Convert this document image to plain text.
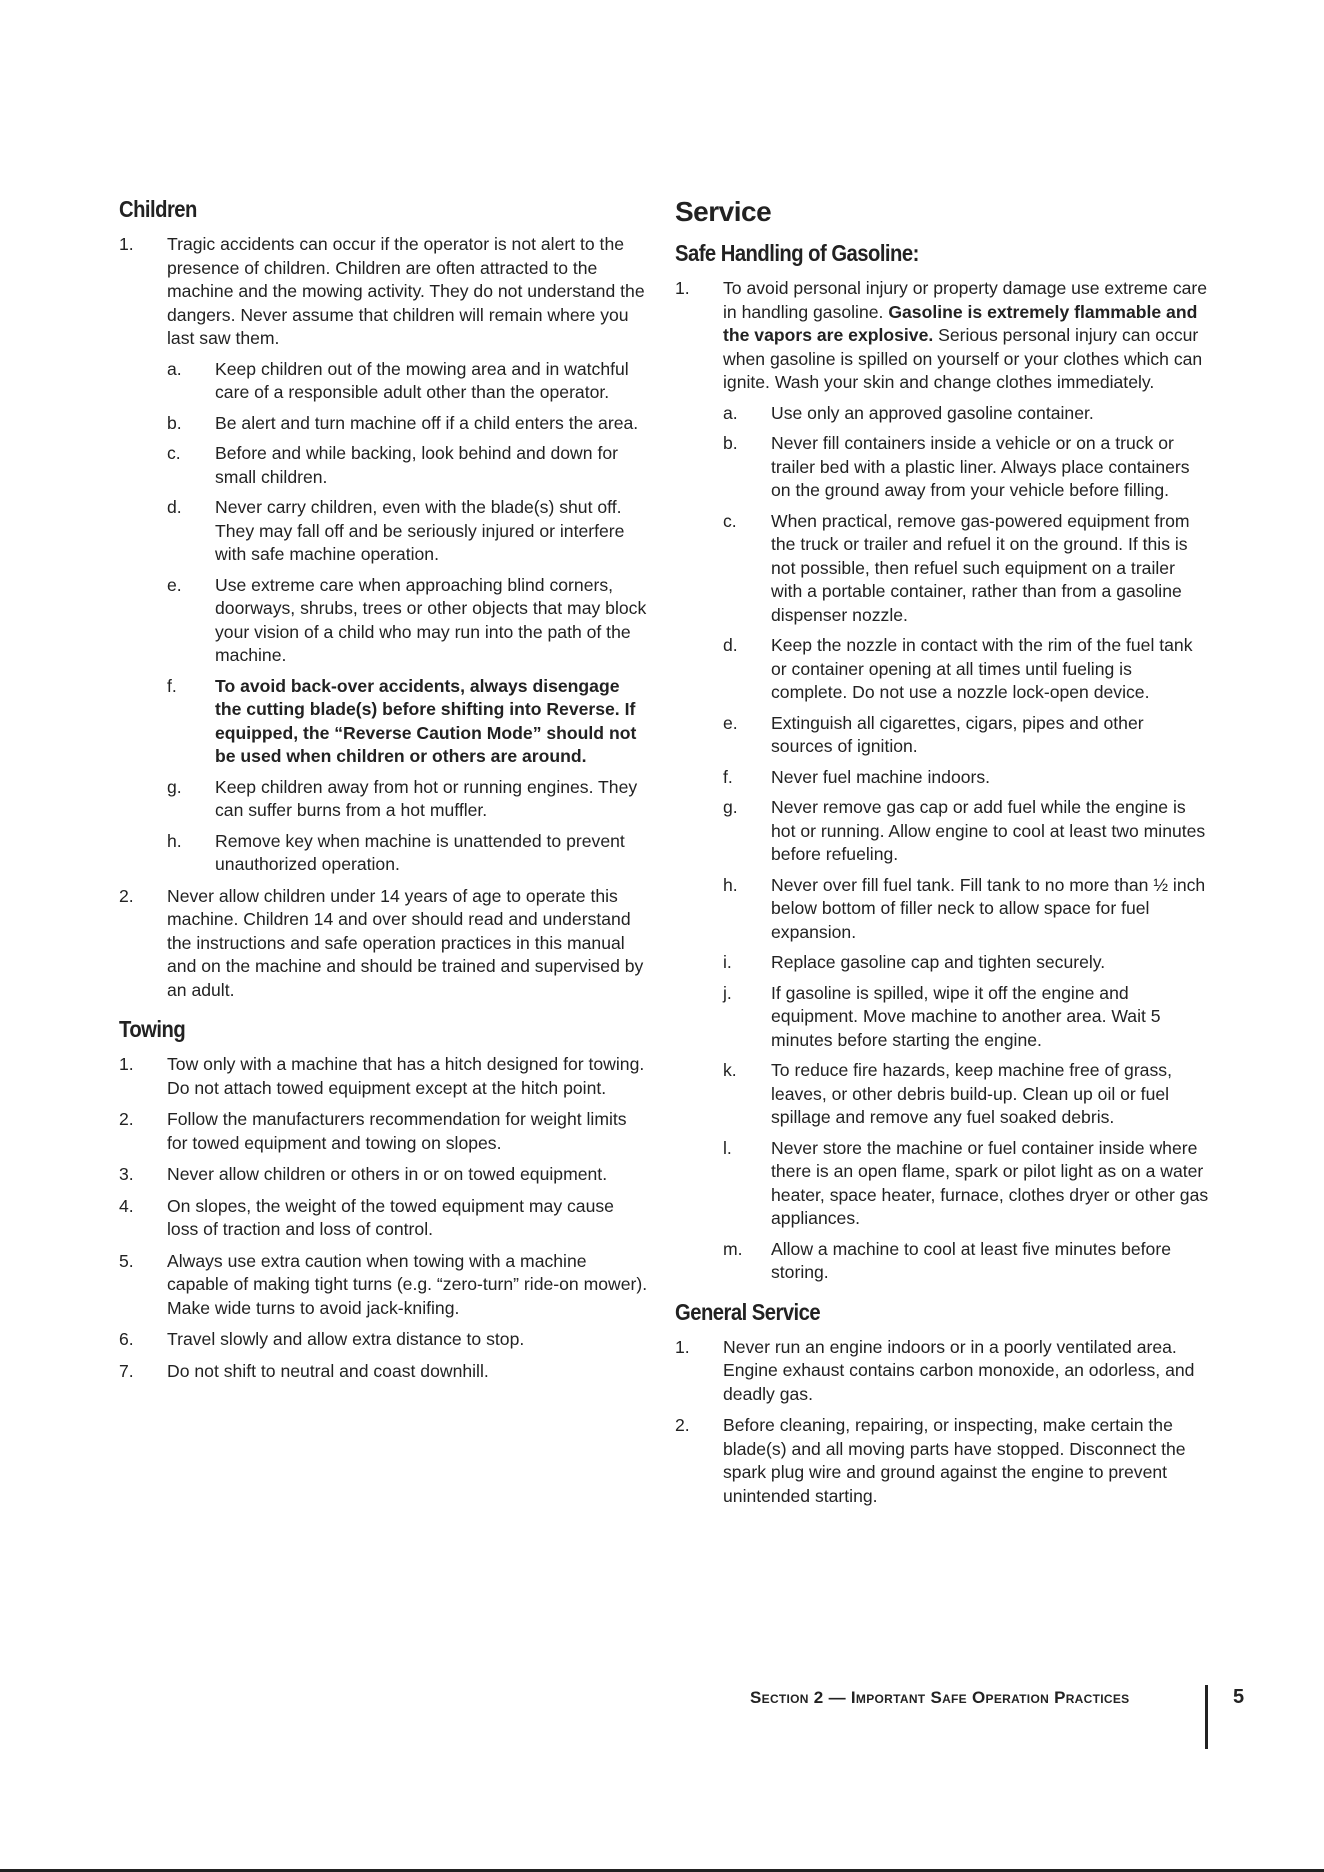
Children
1. Tragic accidents can occur if the operator is not alert to the presence of children. Children are often attracted to the machine and the mowing activity. They do not understand the dangers. Never assume that children will remain where you last saw them.
a. Keep children out of the mowing area and in watchful care of a responsible adult other than the operator.
b. Be alert and turn machine off if a child enters the area.
c. Before and while backing, look behind and down for small children.
d. Never carry children, even with the blade(s) shut off. They may fall off and be seriously injured or interfere with safe machine operation.
e. Use extreme care when approaching blind corners, doorways, shrubs, trees or other objects that may block your vision of a child who may run into the path of the machine.
f. To avoid back-over accidents, always disengage the cutting blade(s) before shifting into Reverse. If equipped, the “Reverse Caution Mode” should not be used when children or others are around.
g. Keep children away from hot or running engines. They can suffer burns from a hot muffler.
h. Remove key when machine is unattended to prevent unauthorized operation.
2. Never allow children under 14 years of age to operate this machine. Children 14 and over should read and understand the instructions and safe operation practices in this manual and on the machine and should be trained and supervised by an adult.
Towing
1. Tow only with a machine that has a hitch designed for towing. Do not attach towed equipment except at the hitch point.
2. Follow the manufacturers recommendation for weight limits for towed equipment and towing on slopes.
3. Never allow children or others in or on towed equipment.
4. On slopes, the weight of the towed equipment may cause loss of traction and loss of control.
5. Always use extra caution when towing with a machine capable of making tight turns (e.g. “zero-turn” ride-on mower). Make wide turns to avoid jack-knifing.
6. Travel slowly and allow extra distance to stop.
7. Do not shift to neutral and coast downhill.
Service
Safe Handling of Gasoline:
1. To avoid personal injury or property damage use extreme care in handling gasoline. Gasoline is extremely flammable and the vapors are explosive. Serious personal injury can occur when gasoline is spilled on yourself or your clothes which can ignite. Wash your skin and change clothes immediately.
a. Use only an approved gasoline container.
b. Never fill containers inside a vehicle or on a truck or trailer bed with a plastic liner. Always place containers on the ground away from your vehicle before filling.
c. When practical, remove gas-powered equipment from the truck or trailer and refuel it on the ground. If this is not possible, then refuel such equipment on a trailer with a portable container, rather than from a gasoline dispenser nozzle.
d. Keep the nozzle in contact with the rim of the fuel tank or container opening at all times until fueling is complete. Do not use a nozzle lock-open device.
e. Extinguish all cigarettes, cigars, pipes and other sources of ignition.
f. Never fuel machine indoors.
g. Never remove gas cap or add fuel while the engine is hot or running. Allow engine to cool at least two minutes before refueling.
h. Never over fill fuel tank. Fill tank to no more than ½ inch below bottom of filler neck to allow space for fuel expansion.
i. Replace gasoline cap and tighten securely.
j. If gasoline is spilled, wipe it off the engine and equipment. Move machine to another area. Wait 5 minutes before starting the engine.
k. To reduce fire hazards, keep machine free of grass, leaves, or other debris build-up. Clean up oil or fuel spillage and remove any fuel soaked debris.
l. Never store the machine or fuel container inside where there is an open flame, spark or pilot light as on a water heater, space heater, furnace, clothes dryer or other gas appliances.
m. Allow a machine to cool at least five minutes before storing.
General Service
1. Never run an engine indoors or in a poorly ventilated area. Engine exhaust contains carbon monoxide, an odorless, and deadly gas.
2. Before cleaning, repairing, or inspecting, make certain the blade(s) and all moving parts have stopped. Disconnect the spark plug wire and ground against the engine to prevent unintended starting.
Section 2 — Important Safe Operation Practices	5
